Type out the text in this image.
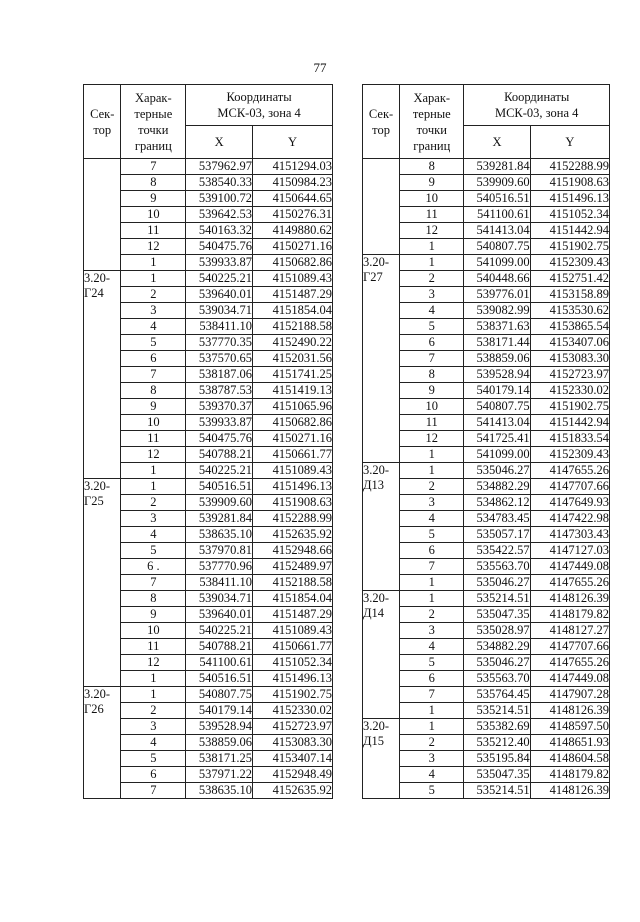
77
Сек-
тор	Харак-
терные
точки
границ	Координаты
МСК-03, зона 4	
		X	Y
	7	537962.97	4151294.03
	8	538540.33	4150984.23
	9	539100.72	4150644.65
	10	539642.53	4150276.31
	11	540163.32	4149880.62
	12	540475.76	4150271.16
	1	539933.87	4150682.86
3.20-
Г24	1	540225.21	4151089.43
	2	539640.01	4151487.29
	3	539034.71	4151854.04
	4	538411.10	4152188.58
	5	537770.35	4152490.22
	6	537570.65	4152031.56
	7	538187.06	4151741.25
	8	538787.53	4151419.13
	9	539370.37	4151065.96
	10	539933.87	4150682.86
	11	540475.76	4150271.16
	12	540788.21	4150661.77
	1	540225.21	4151089.43
3.20-
Г25	1	540516.51	4151496.13
	2	539909.60	4151908.63
	3	539281.84	4152288.99
	4	538635.10	4152635.92
	5	537970.81	4152948.66
	6 .	537770.96	4152489.97
	7	538411.10	4152188.58
	8	539034.71	4151854.04
	9	539640.01	4151487.29
	10	540225.21	4151089.43
	11	540788.21	4150661.77
	12	541100.61	4151052.34
	1	540516.51	4151496.13
3.20-
Г26	1	540807.75	4151902.75
	2	540179.14	4152330.02
	3	539528.94	4152723.97
	4	538859.06	4153083.30
	5	538171.25	4153407.14
	6	537971.22	4152948.49
	7	538635.10	4152635.92
Сек-
тор	Харак-
терные
точки
границ	Координаты
МСК-03, зона 4	
		X	Y
	8	539281.84	4152288.99
	9	539909.60	4151908.63
	10	540516.51	4151496.13
	11	541100.61	4151052.34
	12	541413.04	4151442.94
	1	540807.75	4151902.75
3.20-
Г27	1	541099.00	4152309.43
	2	540448.66	4152751.42
	3	539776.01	4153158.89
	4	539082.99	4153530.62
	5	538371.63	4153865.54
	6	538171.44	4153407.06
	7	538859.06	4153083.30
	8	539528.94	4152723.97
	9	540179.14	4152330.02
	10	540807.75	4151902.75
	11	541413.04	4151442.94
	12	541725.41	4151833.54
	1	541099.00	4152309.43
3.20-
Д13	1	535046.27	4147655.26
	2	534882.29	4147707.66
	3	534862.12	4147649.93
	4	534783.45	4147422.98
	5	535057.17	4147303.43
	6	535422.57	4147127.03
	7	535563.70	4147449.08
	1	535046.27	4147655.26
3.20-
Д14	1	535214.51	4148126.39
	2	535047.35	4148179.82
	3	535028.97	4148127.27
	4	534882.29	4147707.66
	5	535046.27	4147655.26
	6	535563.70	4147449.08
	7	535764.45	4147907.28
	1	535214.51	4148126.39
3.20-
Д15	1	535382.69	4148597.50
	2	535212.40	4148651.93
	3	535195.84	4148604.58
	4	535047.35	4148179.82
	5	535214.51	4148126.39
